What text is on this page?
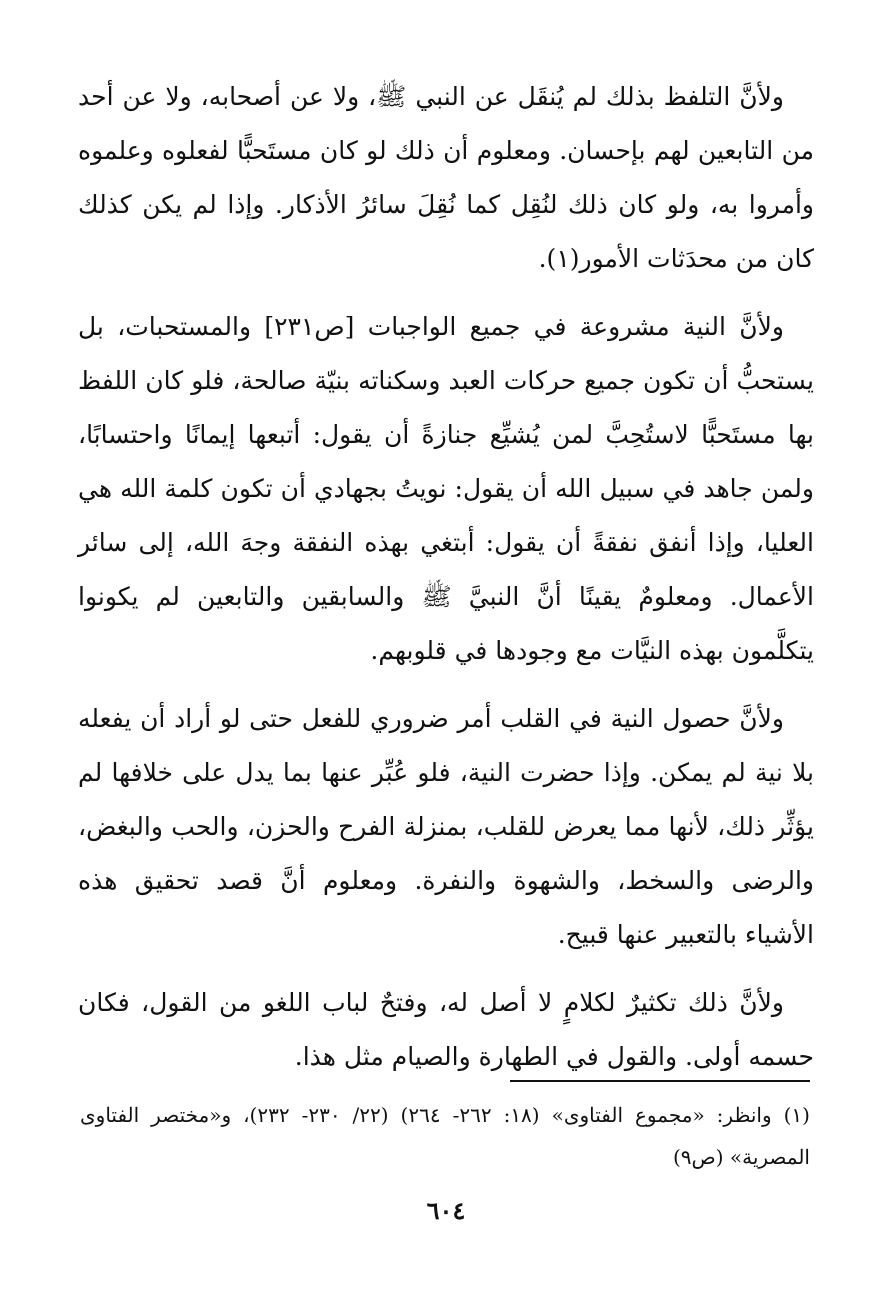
ولأنَّ التلفظ بذلك لم يُنقَل عن النبي ﷺ، ولا عن أصحابه، ولا عن أحد من التابعين لهم بإحسان. ومعلوم أن ذلك لو كان مستَحبًّا لفعلوه وعلموه وأمروا به، ولو كان ذلك لنُقِل كما نُقِلَ سائرُ الأذكار. وإذا لم يكن كذلك كان من محدَثات الأمور(١).

ولأنَّ النية مشروعة في جميع الواجبات [ص٢٣١] والمستحبات، بل يستحبُّ أن تكون جميع حركات العبد وسكناته بنيّة صالحة، فلو كان اللفظ بها مستَحبًّا لاستُحِبَّ لمن يُشيِّع جنازةً أن يقول: أتبعها إيمانًا واحتسابًا، ولمن جاهد في سبيل الله أن يقول: نويتُ بجهادي أن تكون كلمة الله هي العليا، وإذا أنفق نفقةً أن يقول: أبتغي بهذه النفقة وجهَ الله، إلى سائر الأعمال. ومعلومٌ يقينًا أنَّ النبيَّ ﷺ والسابقين والتابعين لم يكونوا يتكلَّمون بهذه النيَّات مع وجودها في قلوبهم.

ولأنَّ حصول النية في القلب أمر ضروري للفعل حتى لو أراد أن يفعله بلا نية لم يمكن. وإذا حضرت النية، فلو عُبِّر عنها بما يدل على خلافها لم يؤثِّر ذلك، لأنها مما يعرض للقلب، بمنزلة الفرح والحزن، والحب والبغض، والرضى والسخط، والشهوة والنفرة. ومعلوم أنَّ قصد تحقيق هذه الأشياء بالتعبير عنها قبيح.

ولأنَّ ذلك تكثيرٌ لكلامٍ لا أصل له، وفتحٌ لباب اللغو من القول، فكان حسمه أولى. والقول في الطهارة والصيام مثل هذا.

(١) وانظر: «مجموع الفتاوى» (١٨: ٢٦٢- ٢٦٤) (٢٢/ ٢٣٠- ٢٣٢)، و«مختصر الفتاوى المصرية» (ص٩)
٦٠٤
